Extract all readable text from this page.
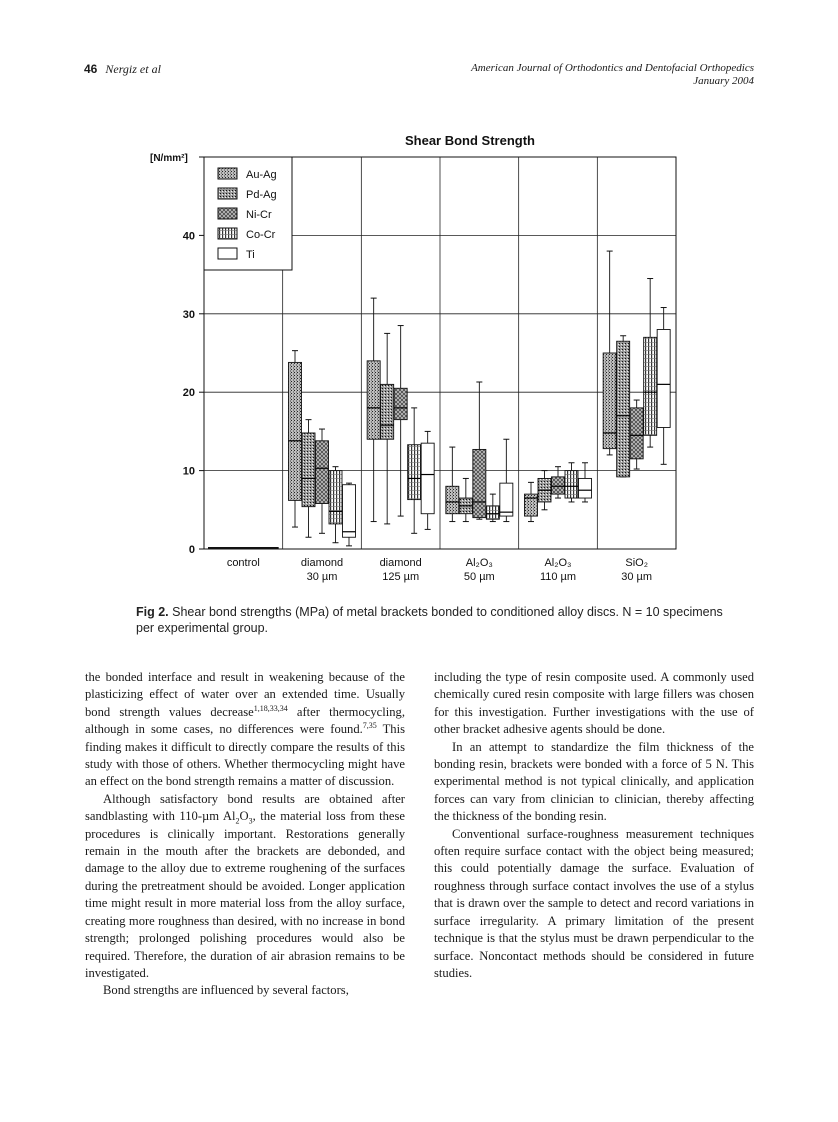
46 Nergiz et al	American Journal of Orthodontics and Dentofacial Orthopedics
January 2004
Shear Bond Strength
0
10
20
30
40
[N/mm²]
control	diamond
30 µm
diamond
125 µm
Al₂O₃
50 µm
Al₂O₃
110 µm
SiO₂
30 µm
Au-Ag
Pd-Ag
Ni-Cr
Co-Cr
Ti
Fig 2. Shear bond strengths (MPa) of metal brackets bonded to conditioned alloy discs. N = 10 specimens per experimental group.

the bonded interface and result in weakening because of the plasticizing effect of water over an extended time. Usually bond strength values decrease$^{1,18,33,34}$ after thermocycling, although in some cases, no differences were found.$^{7,35}$ This finding makes it difficult to directly compare the results of this study with those of others. Whether thermocycling might have an effect on the bond strength remains a matter of discussion.

Although satisfactory bond results are obtained after sandblasting with 110-µm $Al_2O_3$, the material loss from these procedures is clinically important. Restorations generally remain in the mouth after the brackets are debonded, and damage to the alloy due to extreme roughening of the surfaces during the pretreatment should be avoided. Longer application time might result in more material loss from the alloy surface, creating more roughness than desired, with no increase in bond strength; prolonged polishing procedures would also be required. Therefore, the duration of air abrasion remains to be investigated.

Bond strengths are influenced by several factors,

including the type of resin composite used. A commonly used chemically cured resin composite with large fillers was chosen for this investigation. Further investigations with the use of other bracket adhesive agents should be done.

In an attempt to standardize the film thickness of the bonding resin, brackets were bonded with a force of 5 N. This experimental method is not typical clinically, and application forces can vary from clinician to clinician, thereby affecting the thickness of the bonding resin.

Conventional surface-roughness measurement techniques often require surface contact with the object being measured; this could potentially damage the surface. Evaluation of roughness through surface contact involves the use of a stylus that is drawn over the sample to detect and record variations in surface irregularity. A primary limitation of the present technique is that the stylus must be drawn perpendicular to the surface. Noncontact methods should be considered in future studies.
